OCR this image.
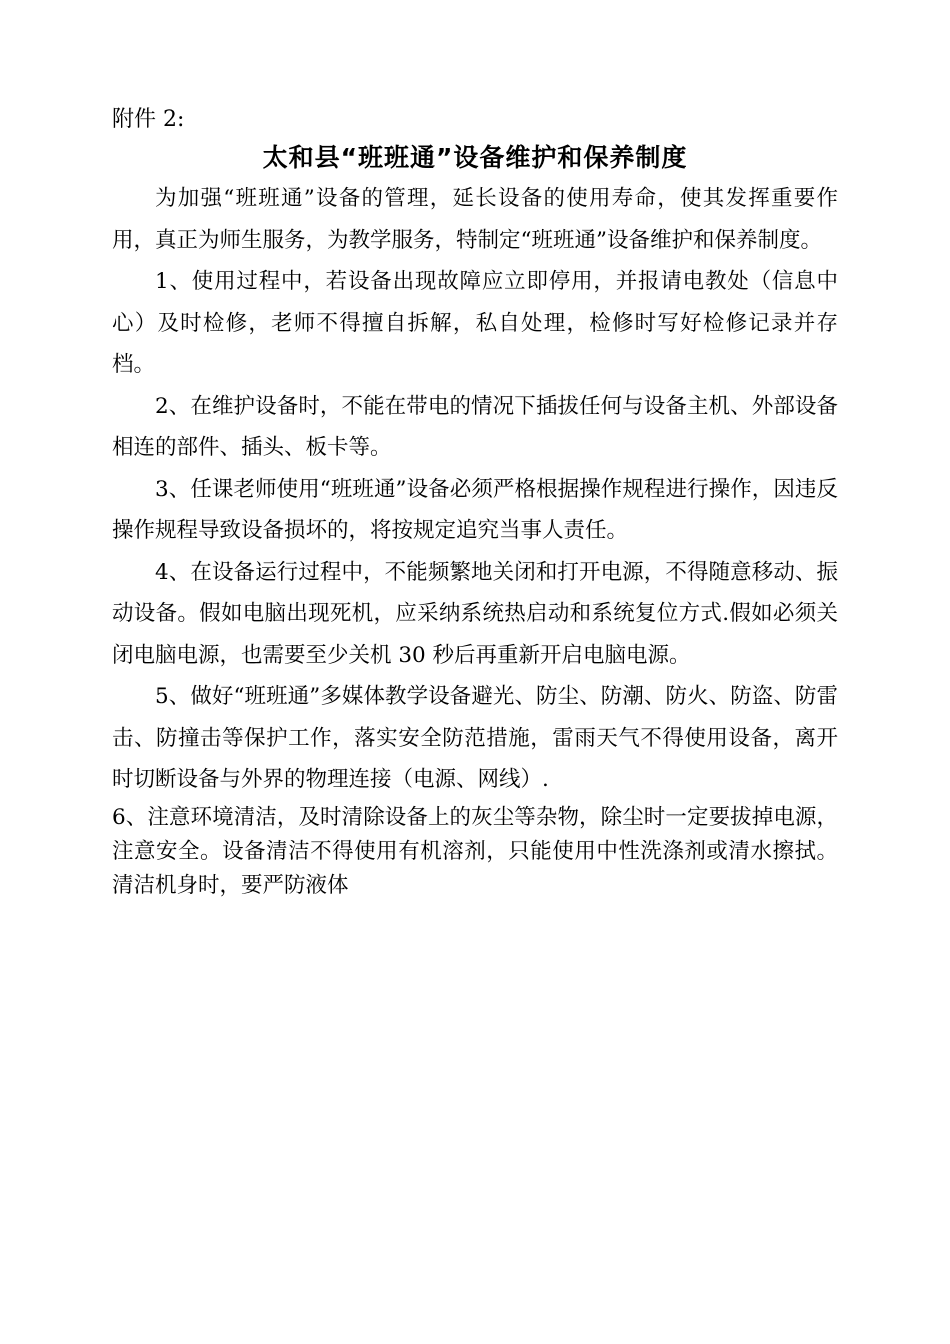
附件 2:

太和县“班班通”设备维护和保养制度

为加强“班班通”设备的管理，延长设备的使用寿命，使其发挥重要作用，真正为师生服务，为教学服务，特制定“班班通”设备维护和保养制度。

1、使用过程中，若设备出现故障应立即停用，并报请电教处（信息中心）及时检修，老师不得擅自拆解，私自处理，检修时写好检修记录并存档。

2、在维护设备时，不能在带电的情况下插拔任何与设备主机、外部设备相连的部件、插头、板卡等。

3、任课老师使用“班班通”设备必须严格根据操作规程进行操作，因违反操作规程导致设备损坏的，将按规定追究当事人责任。

4、在设备运行过程中，不能频繁地关闭和打开电源，不得随意移动、振动设备。假如电脑出现死机，应采纳系统热启动和系统复位方式.假如必须关闭电脑电源，也需要至少关机 30 秒后再重新开启电脑电源。

5、做好“班班通”多媒体教学设备避光、防尘、防潮、防火、防盗、防雷击、防撞击等保护工作，落实安全防范措施，雷雨天气不得使用设备，离开时切断设备与外界的物理连接（电源、网线）.

6、注意环境清洁，及时清除设备上的灰尘等杂物，除尘时一定要拔掉电源，注意安全。设备清洁不得使用有机溶剂，只能使用中性洗涤剂或清水擦拭。清洁机身时，要严防液体
